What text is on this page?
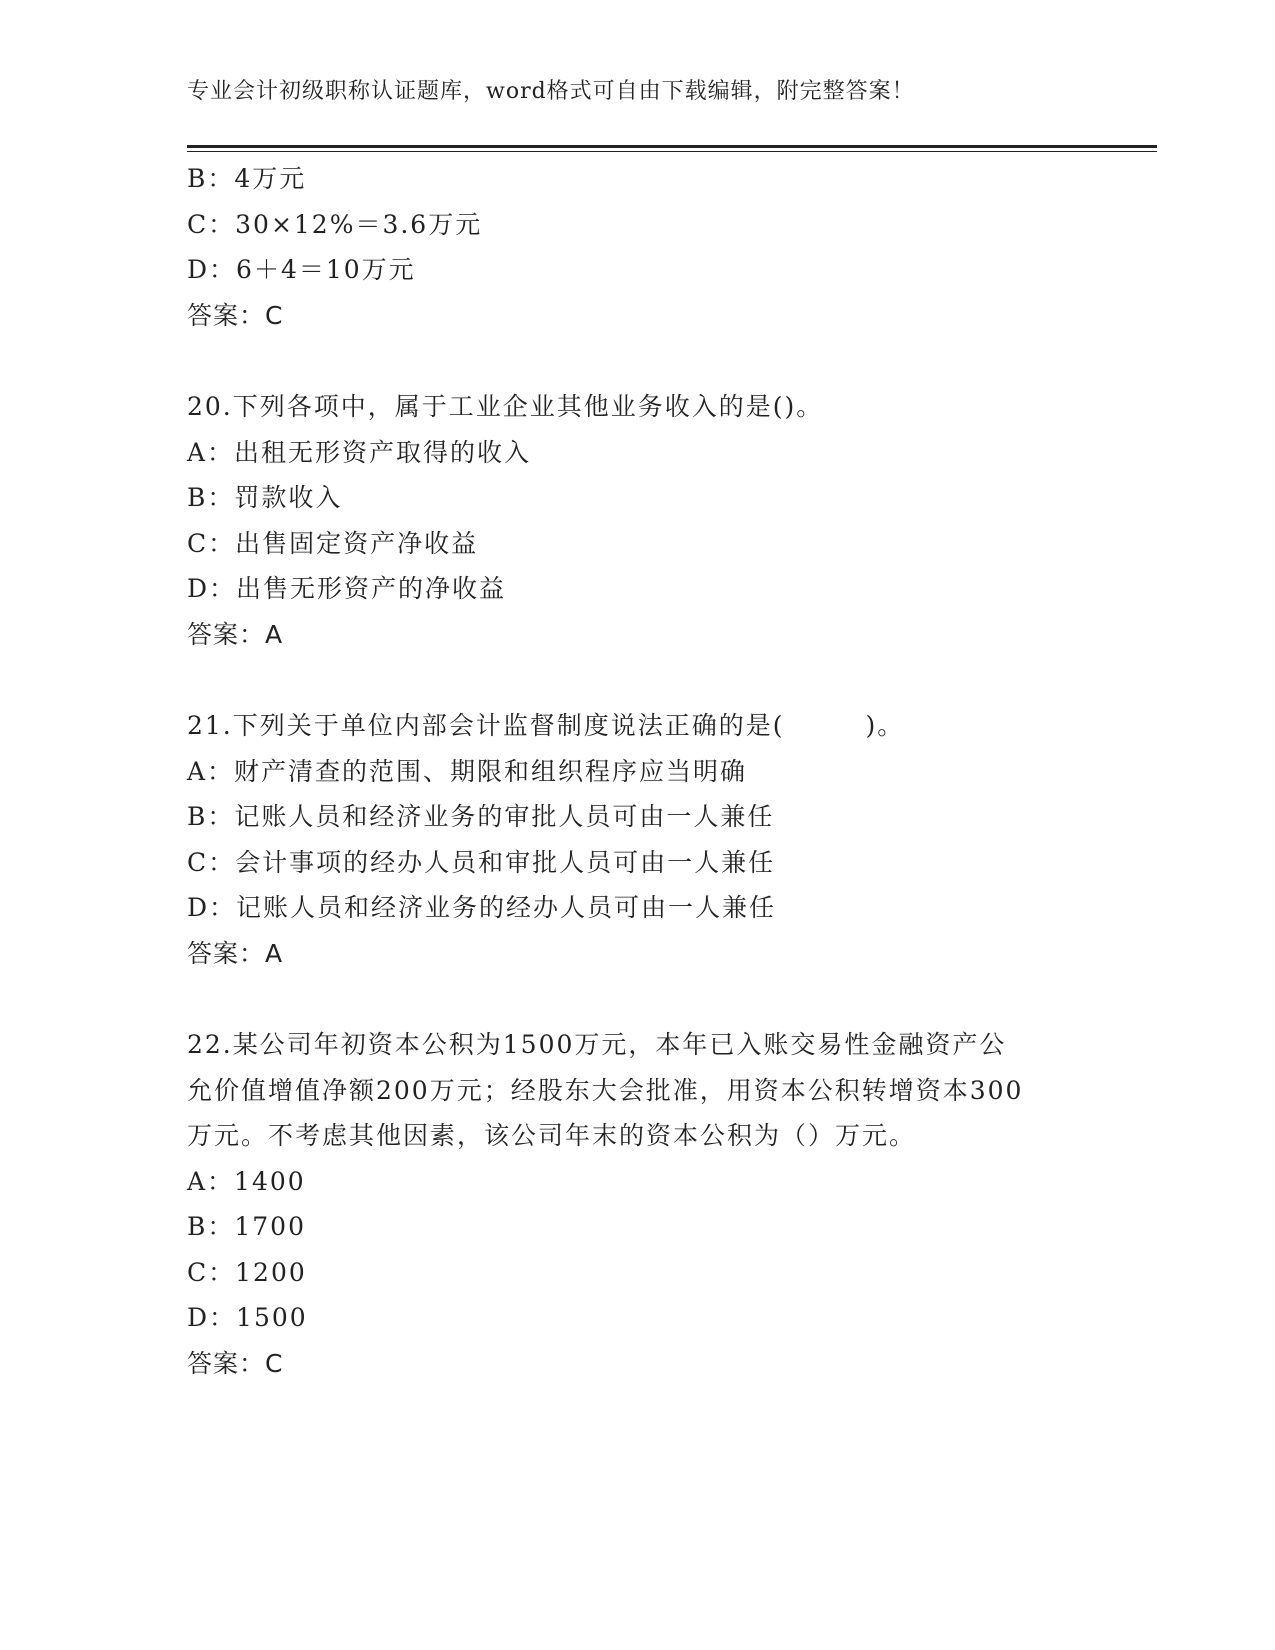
专业会计初级职称认证题库，word格式可自由下载编辑，附完整答案！
B：4万元
C：30×12%＝3.6万元
D：6＋4＝10万元
答案：C
20.下列各项中，属于工业企业其他业务收入的是()。
A：出租无形资产取得的收入
B：罚款收入
C：出售固定资产净收益
D：出售无形资产的净收益
答案：A
21.下列关于单位内部会计监督制度说法正确的是(　　　)。
A：财产清查的范围、期限和组织程序应当明确
B：记账人员和经济业务的审批人员可由一人兼任
C：会计事项的经办人员和审批人员可由一人兼任
D：记账人员和经济业务的经办人员可由一人兼任
答案：A
22.某公司年初资本公积为1500万元，本年已入账交易性金融资产公
允价值增值净额200万元；经股东大会批准，用资本公积转增资本300
万元。不考虑其他因素，该公司年末的资本公积为（）万元。
A：1400
B：1700
C：1200
D：1500
答案：C
